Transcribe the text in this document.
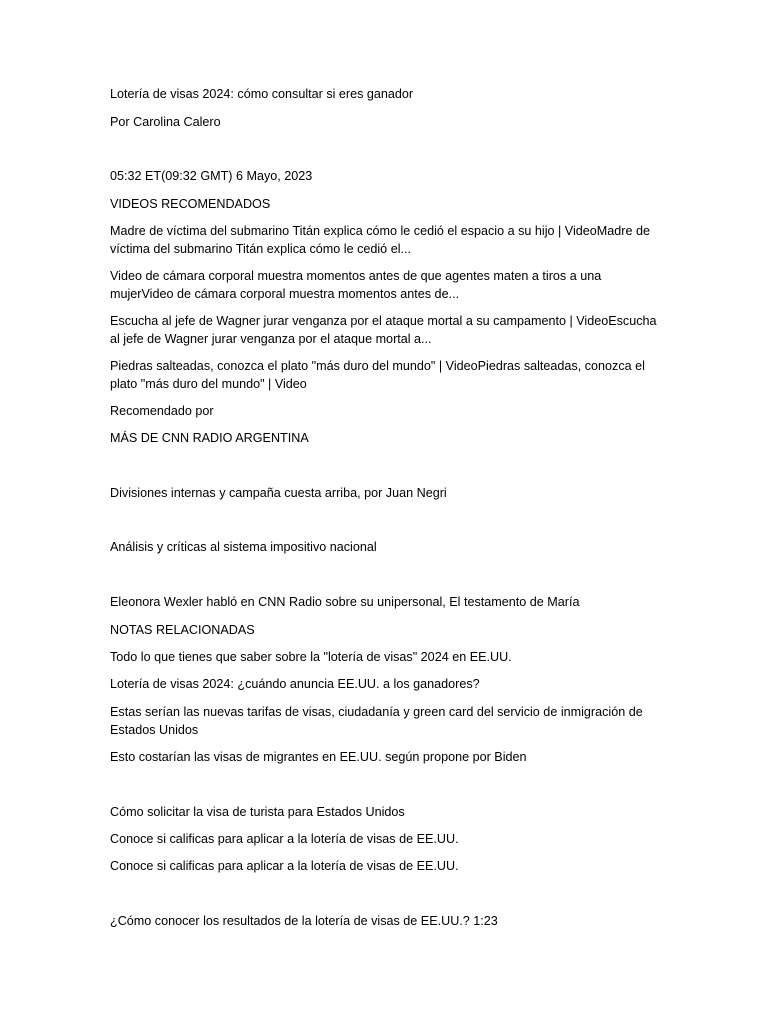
Lotería de visas 2024: cómo consultar si eres ganador
Por Carolina Calero
05:32 ET(09:32 GMT) 6 Mayo, 2023
VIDEOS RECOMENDADOS
Madre de víctima del submarino Titán explica cómo le cedió el espacio a su hijo | VideoMadre de víctima del submarino Titán explica cómo le cedió el...
Video de cámara corporal muestra momentos antes de que agentes maten a tiros a una mujerVideo de cámara corporal muestra momentos antes de...
Escucha al jefe de Wagner jurar venganza por el ataque mortal a su campamento | VideoEscucha al jefe de Wagner jurar venganza por el ataque mortal a...
Piedras salteadas, conozca el plato "más duro del mundo" | VideoPiedras salteadas, conozca el plato "más duro del mundo" | Video
Recomendado por
MÁS DE CNN RADIO ARGENTINA
Divisiones internas y campaña cuesta arriba, por Juan Negri
Análisis y críticas al sistema impositivo nacional
Eleonora Wexler habló en CNN Radio sobre su unipersonal, El testamento de María
NOTAS RELACIONADAS
Todo lo que tienes que saber sobre la "lotería de visas" 2024 en EE.UU.
Lotería de visas 2024: ¿cuándo anuncia EE.UU. a los ganadores?
Estas serían las nuevas tarifas de visas, ciudadanía y green card del servicio de inmigración de Estados Unidos
Esto costarían las visas de migrantes en EE.UU. según propone por Biden
Cómo solicitar la visa de turista para Estados Unidos
Conoce si calificas para aplicar a la lotería de visas de EE.UU.
Conoce si calificas para aplicar a la lotería de visas de EE.UU.
¿Cómo conocer los resultados de la lotería de visas de EE.UU.? 1:23
